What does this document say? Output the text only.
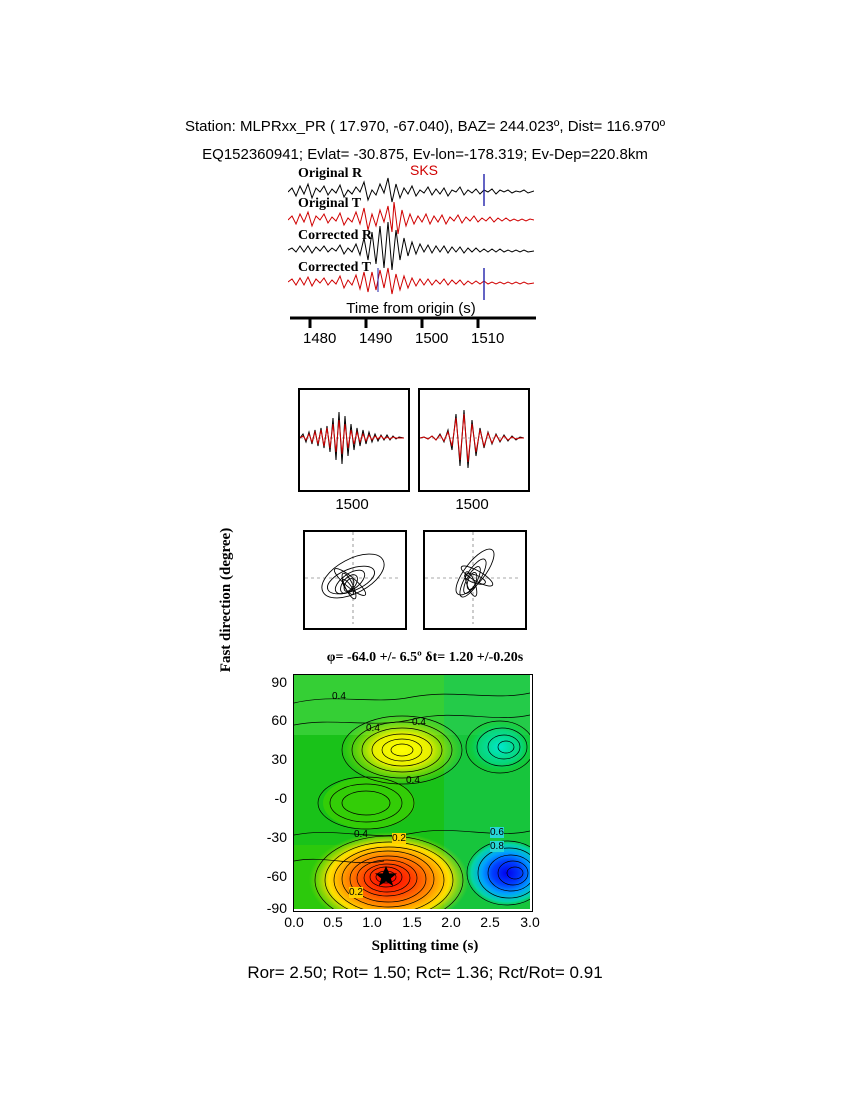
Station: MLPRxx_PR ( 17.970, -67.040), BAZ= 244.023º, Dist= 116.970º
EQ152360941; Evlat= -30.875, Ev-lon=-178.319; Ev-Dep=220.8km
Original R
Original T
Corrected R
Corrected T
SKS
Time from origin (s)
1480 1490 1500 1510
1500	1500
φ= -64.0 +/- 6.5º δt= 1.20 +/-0.20s
Fast direction (degree)
90
60
30
-0
-30
-60
-90
0.4
0.4
0.4
0.4
0.4 0.2
0.2
0.6
0.8
0.0	0.5	1.0	1.5	2.0	2.5	3.0
Splitting time (s)
Ror= 2.50; Rot= 1.50; Rct= 1.36; Rct/Rot= 0.91
